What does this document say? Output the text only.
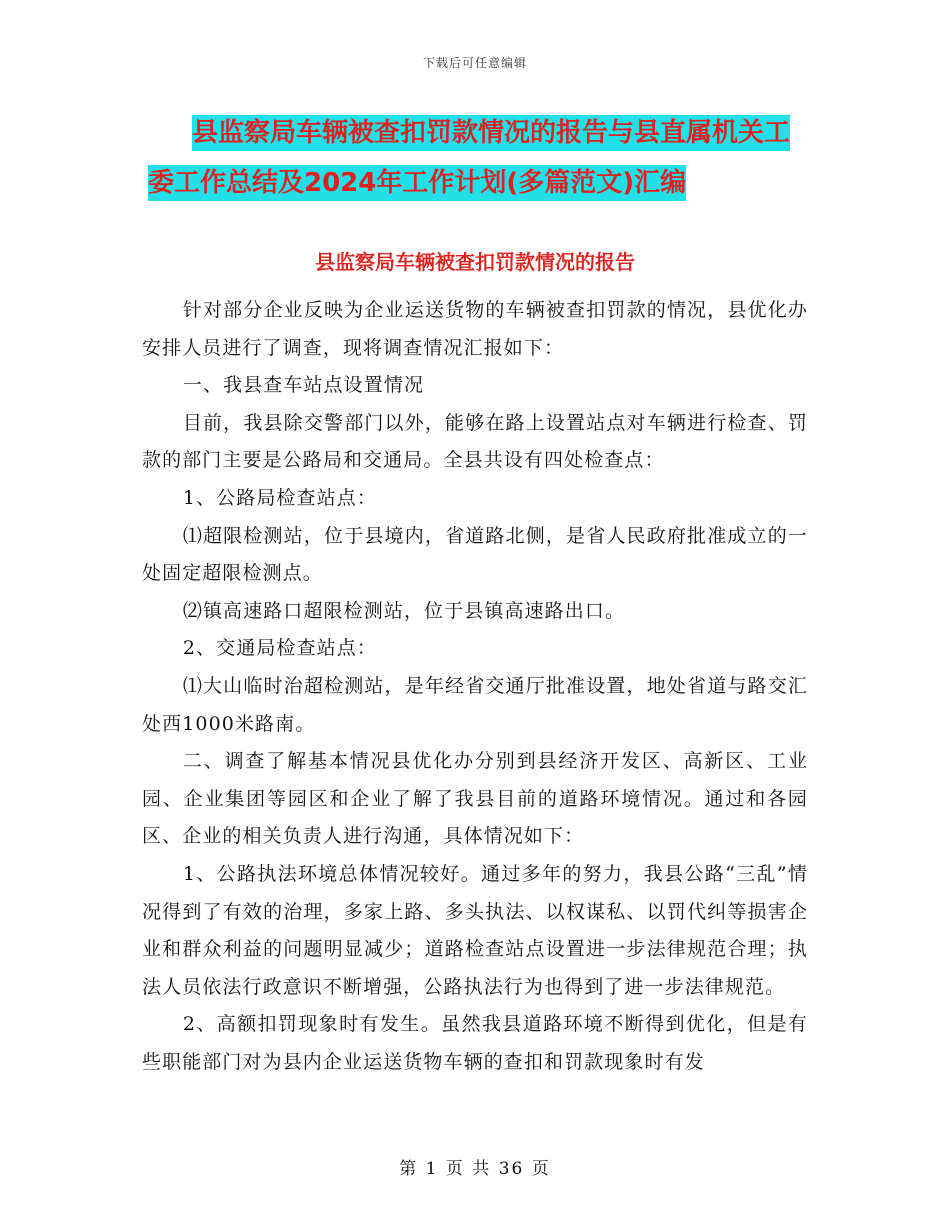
下载后可任意编辑
县监察局车辆被查扣罚款情况的报告与县直属机关工
委工作总结及2024年工作计划(多篇范文)汇编
县监察局车辆被查扣罚款情况的报告

针对部分企业反映为企业运送货物的车辆被查扣罚款的情况，县优化办安排人员进行了调查，现将调查情况汇报如下：

一、我县查车站点设置情况

目前，我县除交警部门以外，能够在路上设置站点对车辆进行检查、罚款的部门主要是公路局和交通局。全县共设有四处检查点：

1、公路局检查站点：

⑴超限检测站，位于县境内，省道路北侧，是省人民政府批准成立的一处固定超限检测点。

⑵镇高速路口超限检测站，位于县镇高速路出口。

2、交通局检查站点：

⑴大山临时治超检测站，是年经省交通厅批准设置，地处省道与路交汇处西1000米路南。

二、调查了解基本情况县优化办分别到县经济开发区、高新区、工业园、企业集团等园区和企业了解了我县目前的道路环境情况。通过和各园区、企业的相关负责人进行沟通，具体情况如下：

1、公路执法环境总体情况较好。通过多年的努力，我县公路“三乱”情况得到了有效的治理，多家上路、多头执法、以权谋私、以罚代纠等损害企业和群众利益的问题明显减少；道路检查站点设置进一步法律规范合理；执法人员依法行政意识不断增强，公路执法行为也得到了进一步法律规范。

2、高额扣罚现象时有发生。虽然我县道路环境不断得到优化，但是有些职能部门对为县内企业运送货物车辆的查扣和罚款现象时有发

第 1 页 共 36 页
